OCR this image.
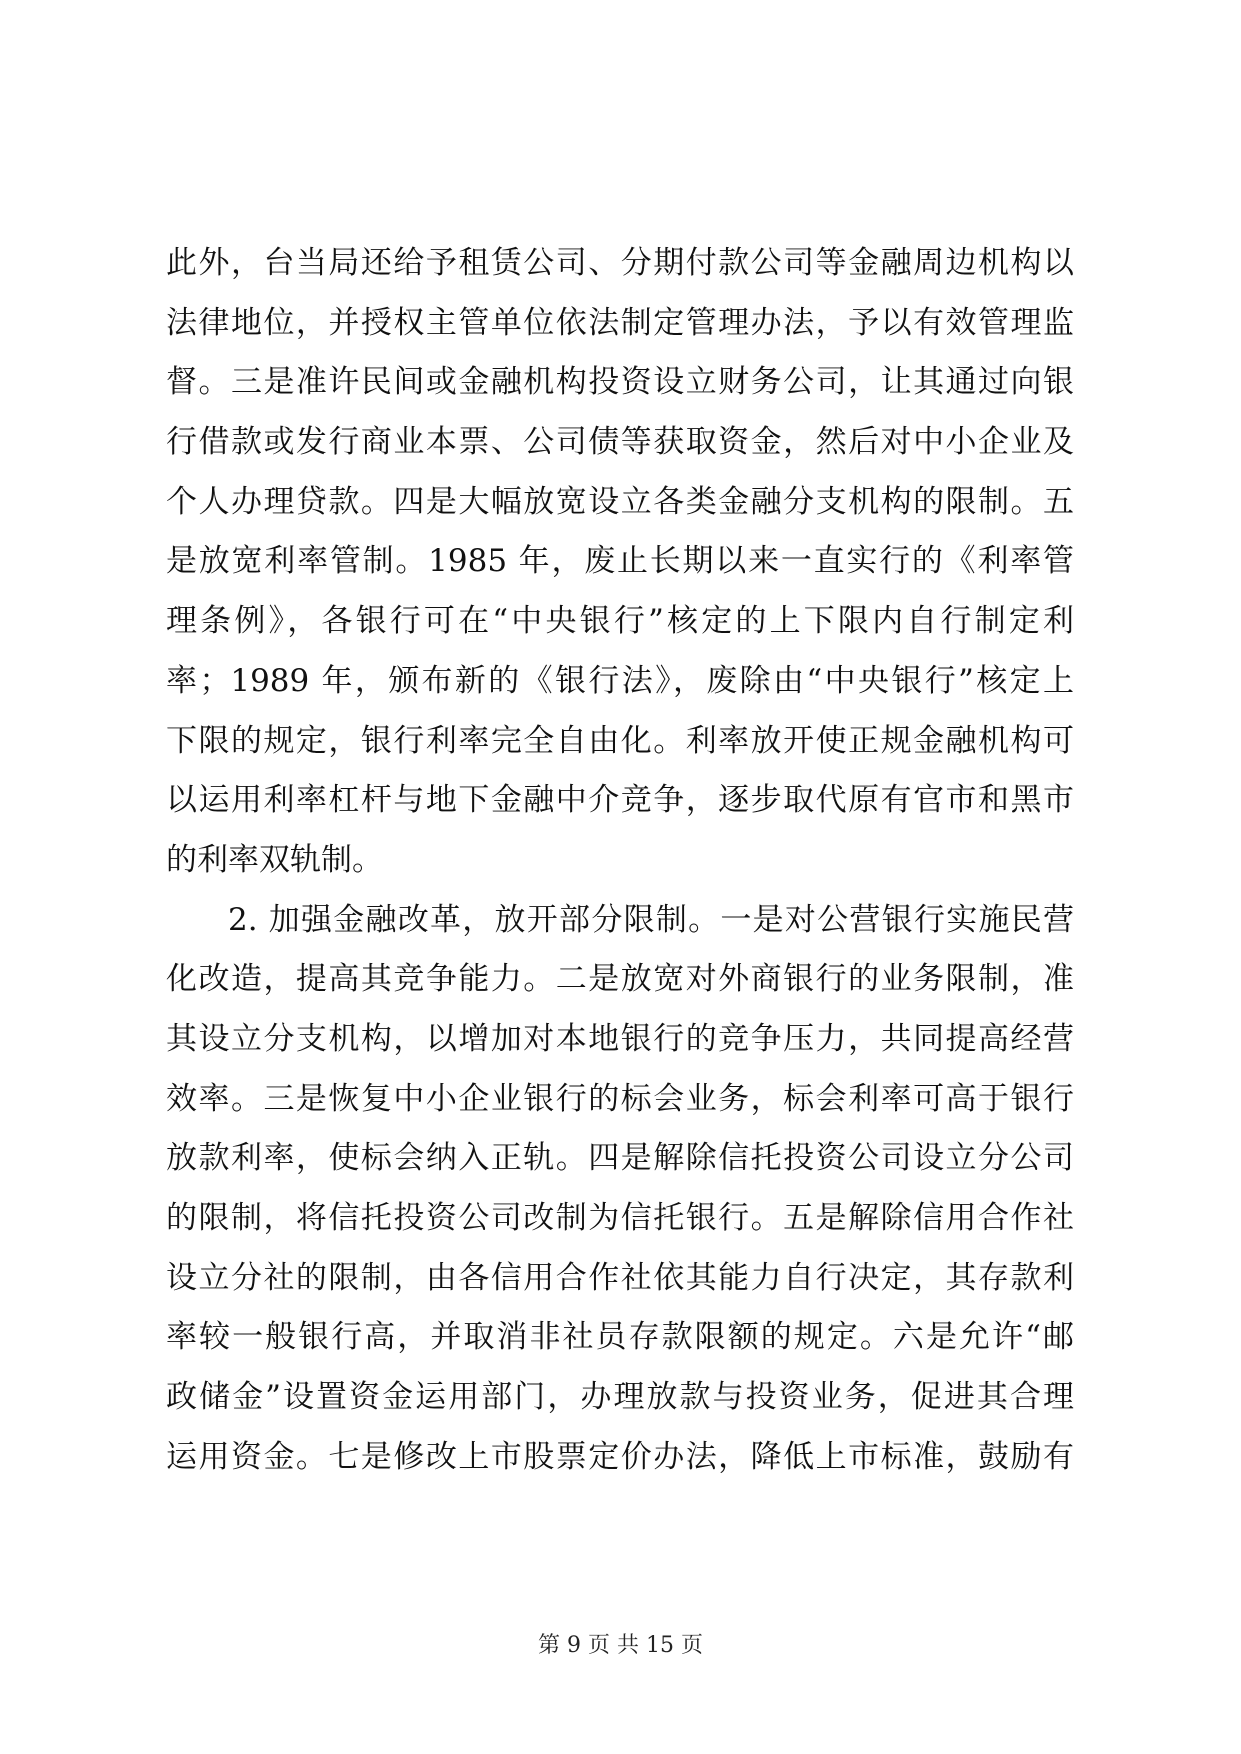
此外，台当局还给予租赁公司、分期付款公司等金融周边机构以
法律地位，并授权主管单位依法制定管理办法，予以有效管理监
督。三是准许民间或金融机构投资设立财务公司，让其通过向银
行借款或发行商业本票、公司债等获取资金，然后对中小企业及
个人办理贷款。四是大幅放宽设立各类金融分支机构的限制。五
是放宽利率管制。1985 年，废止长期以来一直实行的《利率管
理条例》，各银行可在“中央银行”核定的上下限内自行制定利
率；1989 年，颁布新的《银行法》，废除由“中央银行”核定上
下限的规定，银行利率完全自由化。利率放开使正规金融机构可
以运用利率杠杆与地下金融中介竞争，逐步取代原有官市和黑市
的利率双轨制。
2. 加强金融改革，放开部分限制。一是对公营银行实施民营
化改造，提高其竞争能力。二是放宽对外商银行的业务限制，准
其设立分支机构，以增加对本地银行的竞争压力，共同提高经营
效率。三是恢复中小企业银行的标会业务，标会利率可高于银行
放款利率，使标会纳入正轨。四是解除信托投资公司设立分公司
的限制，将信托投资公司改制为信托银行。五是解除信用合作社
设立分社的限制，由各信用合作社依其能力自行决定，其存款利
率较一般银行高，并取消非社员存款限额的规定。六是允许“邮
政储金”设置资金运用部门，办理放款与投资业务，促进其合理
运用资金。七是修改上市股票定价办法，降低上市标准，鼓励有
第 9 页 共 15 页
